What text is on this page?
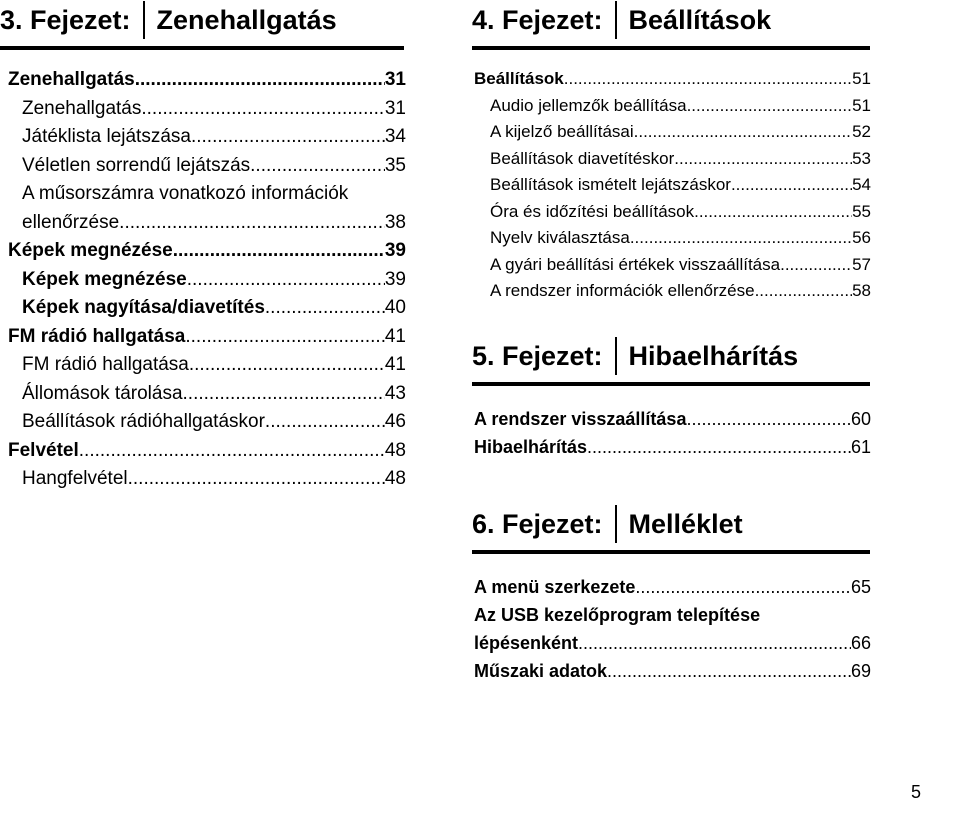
3. Fejezet: Zenehallgatás
Zenehallgatás .....	31
Zenehallgatás .....	31
Játéklista lejátszása .....	34
Véletlen sorrendű lejátszás .....	35
A műsorszámra vonatkozó információk
ellenőrzése .....	38
Képek megnézése .....	39
Képek megnézése .....	39
Képek nagyítása/diavetítés .....	40
FM rádió hallgatása .....	41
FM rádió hallgatása .....	41
Állomások tárolása .....	43
Beállítások rádióhallgatáskor .....	46
Felvétel .....	48
Hangfelvétel .....	48
4. Fejezet: Beállítások
Beállítások .....	51
Audio jellemzők beállítása .....	51
A kijelző beállításai .....	52
Beállítások diavetítéskor .....	53
Beállítások ismételt lejátszáskor .....	54
Óra és időzítési beállítások .....	55
Nyelv kiválasztása .....	56
A gyári beállítási értékek visszaállítása .....	57
A rendszer információk ellenőrzése .....	58
5. Fejezet: Hibaelhárítás
A rendszer visszaállítása .....	60
Hibaelhárítás .....	61
6. Fejezet: Melléklet
A menü szerkezete .....	65
Az USB kezelőprogram telepítése
lépésenként .....	66
Műszaki adatok .....	69
5
